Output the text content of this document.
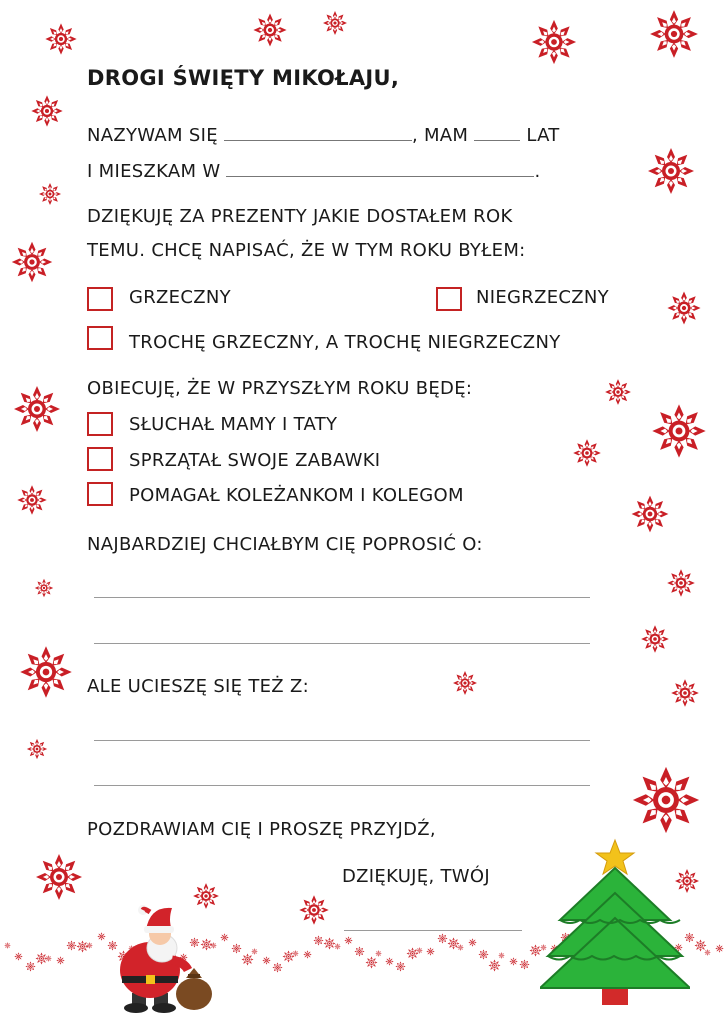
DROGI ŚWIĘTY MIKOŁAJU,
NAZYWAM SIĘ	, MAM	LAT
I MIESZKAM W	.
DZIĘKUJĘ ZA PREZENTY JAKIE DOSTAŁEM ROK
TEMU. CHCĘ NAPISAĆ, ŻE W TYM ROKU BYŁEM:
GRZECZNY	NIEGRZECZNY
TROCHĘ GRZECZNY, A TROCHĘ NIEGRZECZNY
OBIECUJĘ, ŻE W PRZYSZŁYM ROKU BĘDĘ:
SŁUCHAŁ MAMY I TATY
SPRZĄTAŁ SWOJE ZABAWKI
POMAGAŁ KOLEŻANKOM I KOLEGOM
NAJBARDZIEJ CHCIAŁBYM CIĘ POPROSIĆ O:
ALE UCIESZĘ SIĘ TEŻ Z:
POZDRAWIAM CIĘ I PROSZĘ PRZYJDŹ,
DZIĘKUJĘ, TWÓJ
